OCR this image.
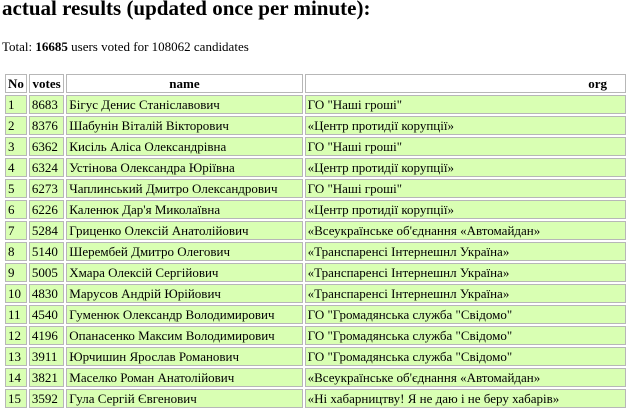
actual results (updated once per minute):
Total: 16685 users voted for 108062 candidates
No	votes	name	org
1	8683	Бігус Денис Станіславович	ГО "Наші гроші"
2	8376	Шабунін Віталій Вікторович	«Центр протидії корупції»
3	6362	Кисіль Аліса Олександрівна	ГО "Наші гроші"
4	6324	Устінова Олександра Юріївна	«Центр протидії корупції»
5	6273	Чаплинський Дмитро Олександрович	ГО "Наші гроші"
6	6226	Каленюк Дар'я Миколаївна	«Центр протидії корупції»
7	5284	Гриценко Олексій Анатолійович	«Всеукраїнське об'єднання «Автомайдан»
8	5140	Шерембей Дмитро Олегович	«Транспаренсі Інтернешнл Україна»
9	5005	Хмара Олексій Сергійович	«Транспаренсі Інтернешнл Україна»
10	4830	Марусов Андрій Юрійович	«Транспаренсі Інтернешнл Україна»
11	4540	Гуменюк Олександр Володимирович	ГО "Громадянська служба "Свідомо"
12	4196	Опанасенко Максим Володимирович	ГО "Громадянська служба "Свідомо"
13	3911	Юрчишин Ярослав Романович	ГО "Громадянська служба "Свідомо"
14	3821	Маселко Роман Анатолійович	«Всеукраїнське об'єднання «Автомайдан»
15	3592	Гула Сергій Євгенович	«Ні хабарництву! Я не даю і не беру хабарів»
